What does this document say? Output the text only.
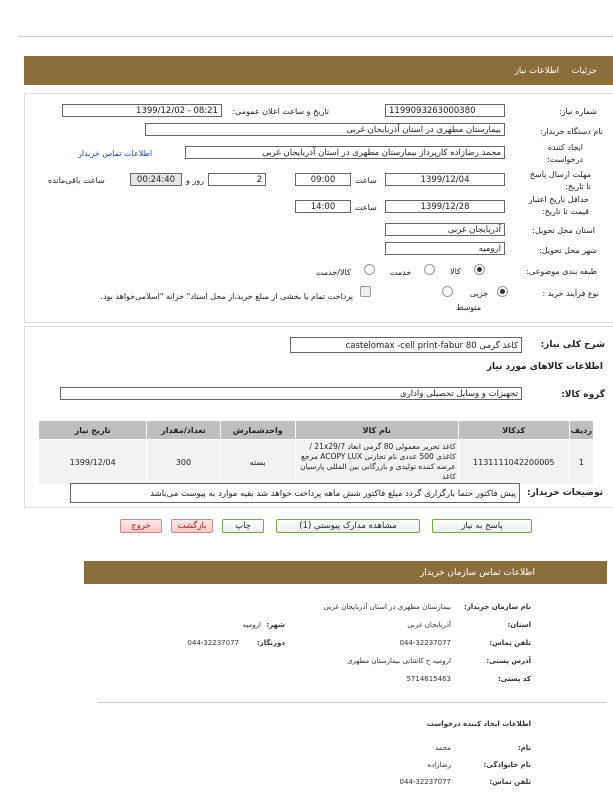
جزئیات
اطلاعات نیاز
شماره نیاز:
1199093263000380
تاریخ و ساعت اعلان عمومی:
1399/12/02 - 08:21
نام دستگاه خریدار:
بیمارستان مطهری در استان آذربایجان غربی
ایجاد کننده درخواست:
محمد رضازاده کارپرداز بیمارستان مطهری در استان آذربایجان غربی
اطلاعات تماس خریدار
مهلت ارسال پاسخ تا تاریخ:
1399/12/04
ساعت
09:00
2
روز و
00:24:40
ساعت باقی‌مانده
حداقل تاریخ اعتبار قیمت تا تاریخ:
1399/12/28
ساعت
14:00
استان محل تحویل:
آذربایجان غربی
شهر محل تحویل:
ارومیه
طبقه بندی موضوعی:
کالا
خدمت
کالا/خدمت
نوع فرآیند خرید :
جزیی
متوسط
پرداخت تمام یا بخشی از مبلغ خرید،از محل اسناد" خزانه "اسلامی‌خواهد بود.
شرح کلی نیاز:
کاغذ گرمی 80 castelomax -cell print-fabur
اطلاعات کالاهای مورد نیاز
گروه کالا:
تجهیزات و وسایل تحصیلی واداری
تاریخ نیاز	تعداد/مقدار	واحدشمارش	نام کالا	کدکالا	ردیف
1399/12/04	300	بسته	کاغذ تحریر معمولی 80 گرمی ابعاد 21x29/7 /کاغذی 500 عددی نام تجارتی ACOPY LUX مرجع عرضه کننده تولیدی و بازرگانی بین المللی پارسیان کاغذ	1131111042200005	1
توضیحات خریدار:
پیش فاکتور حتما بارگزاری گردد مبلغ فاکتور شش ماهه پرداخت خواهد شد بقیه موارد به پیوست می‌باشد
پاسخ به نیاز
مشاهده مدارک پیوستی (1)
چاپ
بازگشت
خروج
اطلاعات تماس سازمان خریدار
نام سازمان خریدار:
بیمارستان مطهری در استان آذربایجان غربی
استان:
آذربایجان غربی
شهر:
ارومیه
تلفن تماس:
044-32237077
دورنگار:
044-32237077
آدرس پستی:
ارومیه خ کاشانی بیمارستان مطهری
کد پستی:
5714615463
اطلاعات ایجاد کننده درخواست
نام:
محمد
نام خانوادگی:
رضازاده
تلفن تماس:
044-32237077
